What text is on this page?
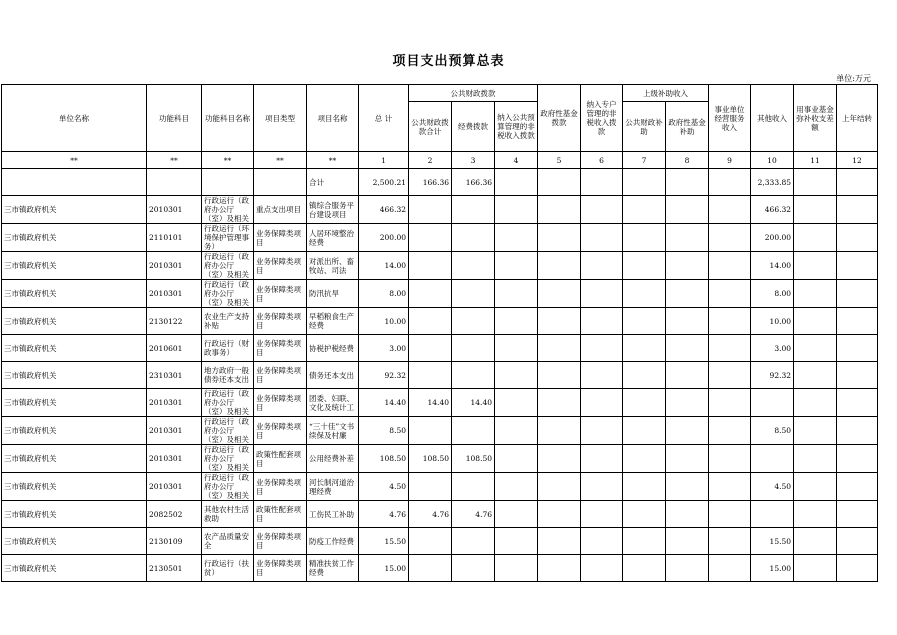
项目支出预算总表
单位:万元
单位名称	功能科目	功能科目名称	项目类型	项目名称	总 计	公共财政拨款			政府性基金拨款	纳入专户管理的非税收入拨款	上级补助收入		事业单位经营服务收入	其他收入	用事业基金弥补收支差额	上年结转
						公共财政拨款合计	经费拨款	纳入公共预算管理的非税收入拨款			公共财政补助	政府性基金补助				
**	**	**	**	**	1	2	3	4	5	6	7	8	9	10	11	12
				合计	2,500.21	166.36	166.36							2,333.85		
三市镇政府机关	2010301	行政运行（政府办公厅（室）及相关	重点支出项目	镇综合服务平台建设项目	466.32									466.32		
三市镇政府机关	2110101	行政运行（环境保护管理事务）	业务保障类项目	人居环境整治经费	200.00									200.00		
三市镇政府机关	2010301	行政运行（政府办公厅（室）及相关	业务保障类项目	对派出所、畜牧站、司法	14.00									14.00		
三市镇政府机关	2010301	行政运行（政府办公厅（室）及相关	业务保障类项目	防汛抗旱	8.00									8.00		
三市镇政府机关	2130122	农业生产支持补贴	业务保障类项目	早稻粮食生产经费	10.00									10.00		
三市镇政府机关	2010601	行政运行（财政事务）	业务保障类项目	协税护税经费	3.00									3.00		
三市镇政府机关	2310301	地方政府一般债券还本支出	业务保障类项目	债务还本支出	92.32									92.32		
三市镇政府机关	2010301	行政运行（政府办公厅（室）及相关	业务保障类项目	团委、妇联、文化及统计工	14.40	14.40	14.40									
三市镇政府机关	2010301	行政运行（政府办公厅（室）及相关	业务保障类项目	“三十佳”文书续保及村廉	8.50									8.50		
三市镇政府机关	2010301	行政运行（政府办公厅（室）及相关	政策性配套项目	公用经费补差	108.50	108.50	108.50									
三市镇政府机关	2010301	行政运行（政府办公厅（室）及相关	业务保障类项目	河长制河道治理经费	4.50									4.50		
三市镇政府机关	2082502	其他农村生活救助	政策性配套项目	工伤民工补助	4.76	4.76	4.76									
三市镇政府机关	2130109	农产品质量安全	业务保障类项目	防疫工作经费	15.50									15.50		
三市镇政府机关	2130501	行政运行（扶贫）	业务保障类项目	精准扶贫工作经费	15.00									15.00		
